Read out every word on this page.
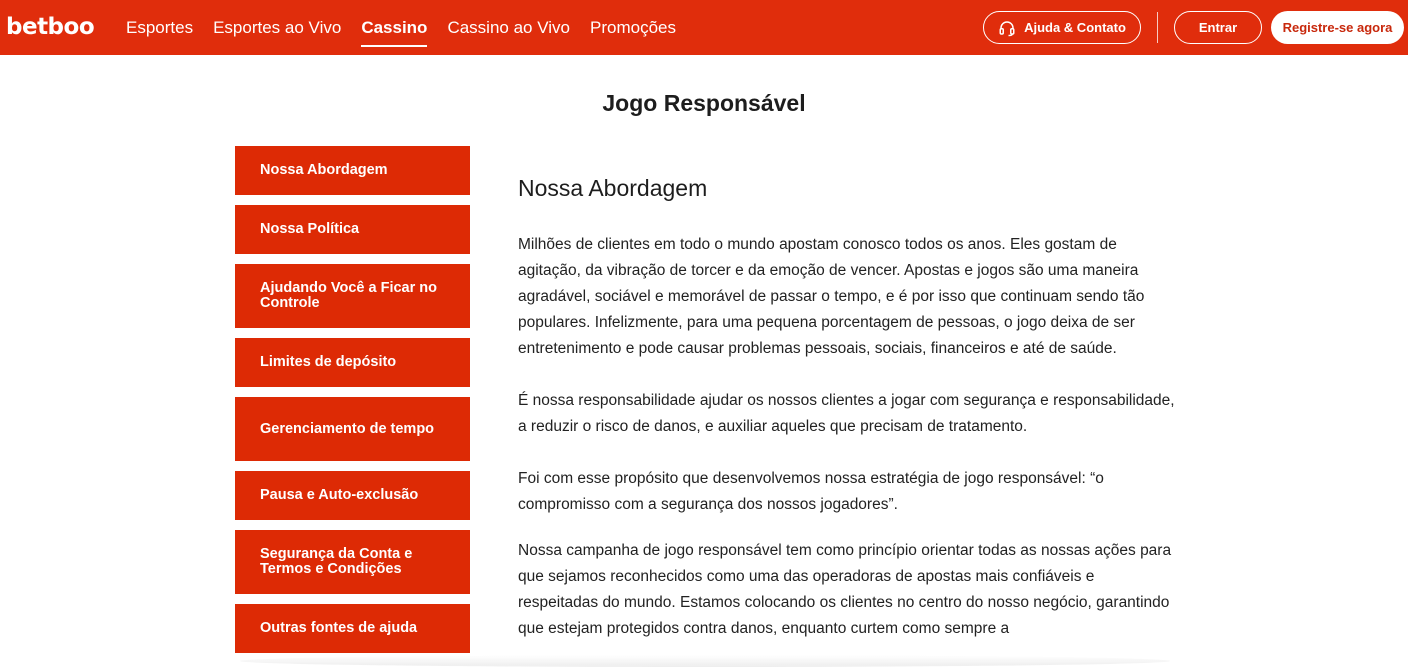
betboo Esportes Esportes ao Vivo Cassino Cassino ao Vivo Promoções	Ajuda & Contato	Entrar	Registre-se agora
Jogo Responsável
Nossa Abordagem
Nossa Política
Ajudando Você a Ficar no Controle
Limites de depósito
Gerenciamento de tempo
Pausa e Auto-exclusão
Segurança da Conta e Termos e Condições
Outras fontes de ajuda
Nossa Abordagem

Milhões de clientes em todo o mundo apostam conosco todos os anos. Eles gostam de agitação, da vibração de torcer e da emoção de vencer. Apostas e jogos são uma maneira agradável, sociável e memorável de passar o tempo, e é por isso que continuam sendo tão populares. Infelizmente, para uma pequena porcentagem de pessoas, o jogo deixa de ser entretenimento e pode causar problemas pessoais, sociais, financeiros e até de saúde.

É nossa responsabilidade ajudar os nossos clientes a jogar com segurança e responsabilidade, a reduzir o risco de danos, e auxiliar aqueles que precisam de tratamento.

Foi com esse propósito que desenvolvemos nossa estratégia de jogo responsável: “o compromisso com a segurança dos nossos jogadores”.

Nossa campanha de jogo responsável tem como princípio orientar todas as nossas ações para que sejamos reconhecidos como uma das operadoras de apostas mais confiáveis e respeitadas do mundo. Estamos colocando os clientes no centro do nosso negócio, garantindo que estejam protegidos contra danos, enquanto curtem como sempre a
